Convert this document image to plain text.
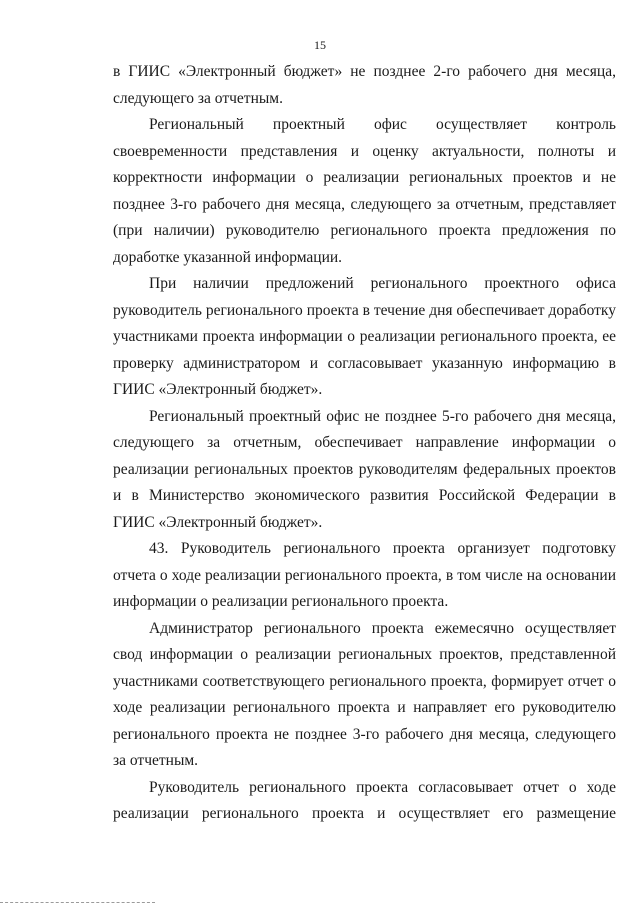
15

в ГИИС «Электронный бюджет» не позднее 2-го рабочего дня месяца, следующего за отчетным.

Региональный проектный офис осуществляет контроль своевременности представления и оценку актуальности, полноты и корректности информации о реализации региональных проектов и не позднее 3-го рабочего дня месяца, следующего за отчетным, представляет (при наличии) руководителю регионального проекта предложения по доработке указанной информации.

При наличии предложений регионального проектного офиса руководитель регионального проекта в течение дня обеспечивает доработку участниками проекта информации о реализации регионального проекта, ее проверку администратором и согласовывает указанную информацию в ГИИС «Электронный бюджет».

Региональный проектный офис не позднее 5-го рабочего дня месяца, следующего за отчетным, обеспечивает направление информации о реализации региональных проектов руководителям федеральных проектов и в Министерство экономического развития Российской Федерации в ГИИС «Электронный бюджет».

43. Руководитель регионального проекта организует подготовку отчета о ходе реализации регионального проекта, в том числе на основании информации о реализации регионального проекта.

Администратор регионального проекта ежемесячно осуществляет свод информации о реализации региональных проектов, представленной участниками соответствующего регионального проекта, формирует отчет о ходе реализации регионального проекта и направляет его руководителю регионального проекта не позднее 3-го рабочего дня месяца, следующего за отчетным.

Руководитель регионального проекта согласовывает отчет о ходе реализации регионального проекта и осуществляет его размещение
